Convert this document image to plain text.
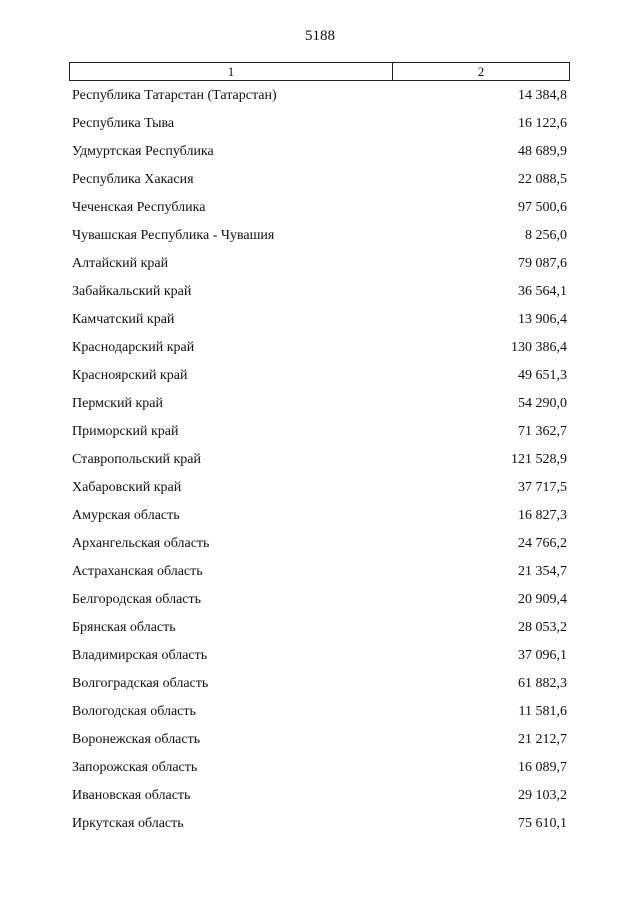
5188
1	2
Республика Татарстан (Татарстан)	14 384,8
Республика Тыва	16 122,6
Удмуртская Республика	48 689,9
Республика Хакасия	22 088,5
Чеченская Республика	97 500,6
Чувашская Республика - Чувашия	8 256,0
Алтайский край	79 087,6
Забайкальский край	36 564,1
Камчатский край	13 906,4
Краснодарский край	130 386,4
Красноярский край	49 651,3
Пермский край	54 290,0
Приморский край	71 362,7
Ставропольский край	121 528,9
Хабаровский край	37 717,5
Амурская область	16 827,3
Архангельская область	24 766,2
Астраханская область	21 354,7
Белгородская область	20 909,4
Брянская область	28 053,2
Владимирская область	37 096,1
Волгоградская область	61 882,3
Вологодская область	11 581,6
Воронежская область	21 212,7
Запорожская область	16 089,7
Ивановская область	29 103,2
Иркутская область	75 610,1
